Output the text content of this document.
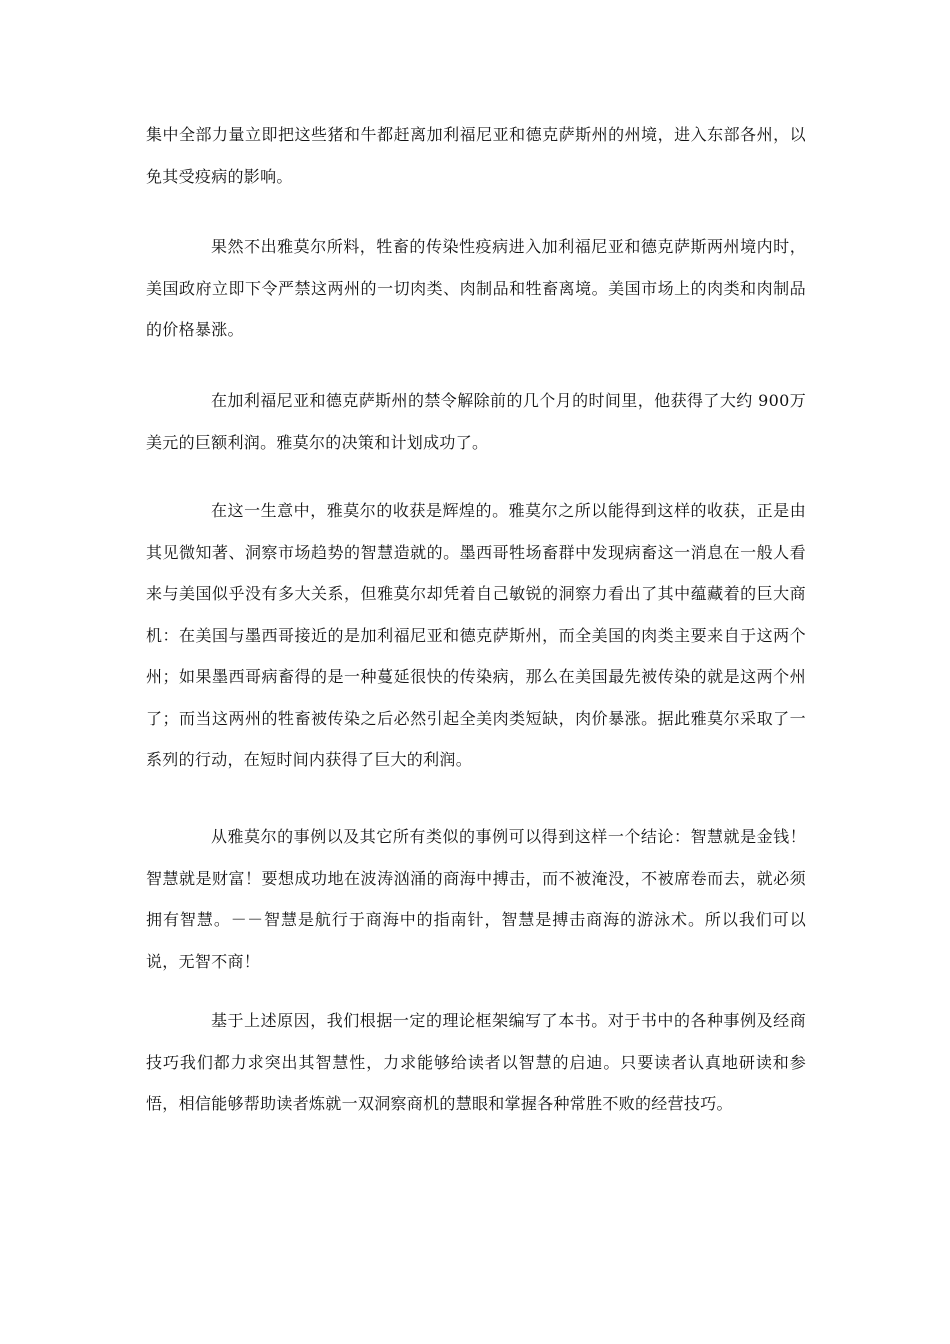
集中全部力量立即把这些猪和牛都赶离加利福尼亚和德克萨斯州的州境，进入东部各州，以免其受疫病的影响。

果然不出雅莫尔所料，牲畜的传染性疫病进入加利福尼亚和德克萨斯两州境内时，美国政府立即下令严禁这两州的一切肉类、肉制品和牲畜离境。美国市场上的肉类和肉制品的价格暴涨。

在加利福尼亚和德克萨斯州的禁令解除前的几个月的时间里，他获得了大约 900万美元的巨额利润。雅莫尔的决策和计划成功了。

在这一生意中，雅莫尔的收获是辉煌的。雅莫尔之所以能得到这样的收获，正是由其见微知著、洞察市场趋势的智慧造就的。墨西哥牲场畜群中发现病畜这一消息在一般人看来与美国似乎没有多大关系，但雅莫尔却凭着自己敏锐的洞察力看出了其中蕴藏着的巨大商机：在美国与墨西哥接近的是加利福尼亚和德克萨斯州，而全美国的肉类主要来自于这两个州；如果墨西哥病畜得的是一种蔓延很快的传染病，那么在美国最先被传染的就是这两个州了；而当这两州的牲畜被传染之后必然引起全美肉类短缺，肉价暴涨。据此雅莫尔采取了一系列的行动，在短时间内获得了巨大的利润。

从雅莫尔的事例以及其它所有类似的事例可以得到这样一个结论：智慧就是金钱！智慧就是财富！要想成功地在波涛汹涌的商海中搏击，而不被淹没，不被席卷而去，就必须拥有智慧。－－智慧是航行于商海中的指南针，智慧是搏击商海的游泳术。所以我们可以说，无智不商！

基于上述原因，我们根据一定的理论框架编写了本书。对于书中的各种事例及经商技巧我们都力求突出其智慧性，力求能够给读者以智慧的启迪。只要读者认真地研读和参悟，相信能够帮助读者炼就一双洞察商机的慧眼和掌握各种常胜不败的经营技巧。
